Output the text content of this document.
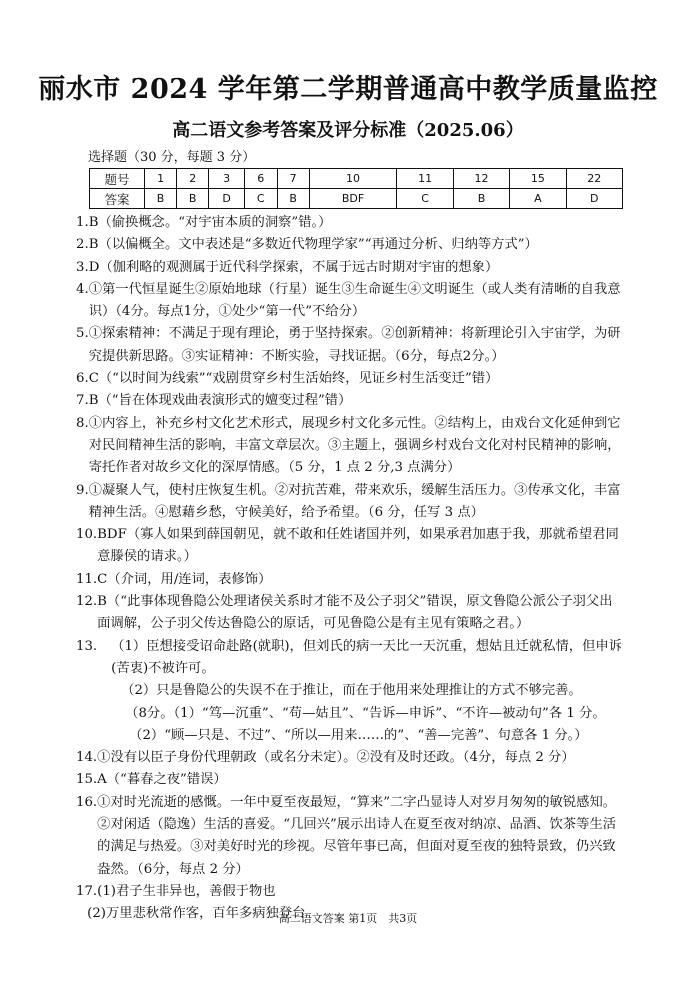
丽水市 2024 学年第二学期普通高中教学质量监控
高二语文参考答案及评分标准（2025.06）
选择题（30 分，每题 3 分）
题号	1	2	3	6	7	10	11	12	15	22
答案	B	B	D	C	B	BDF	C	B	A	D
1. B（偷换概念。“对宇宙本质的洞察”错。）
2. B（以偏概全。文中表述是“多数近代物理学家”“再通过分析、归纳等方式”）
3. D（伽利略的观测属于近代科学探索，不属于远古时期对宇宙的想象）
4. ①第一代恒星诞生②原始地球（行星）诞生③生命诞生④文明诞生（或人类有清晰的自我意识）（4分。每点1分，①处少“第一代”不给分）
5. ①探索精神：不满足于现有理论，勇于坚持探索。②创新精神：将新理论引入宇宙学，为研究提供新思路。③实证精神：不断实验，寻找证据。（6分，每点2分。）
6. C（“以时间为线索”“戏剧贯穿乡村生活始终，见证乡村生活变迁”错）
7. B（“旨在体现戏曲表演形式的嬗变过程”错）
8. ①内容上，补充乡村文化艺术形式，展现乡村文化多元性。②结构上，由戏台文化延伸到它对民间精神生活的影响，丰富文章层次。③主题上，强调乡村戏台文化对村民精神的影响，寄托作者对故乡文化的深厚情感。（5 分，1 点 2 分,3 点满分）
9. ①凝聚人气，使村庄恢复生机。②对抗苦难，带来欢乐，缓解生活压力。③传承文化，丰富精神生活。④慰藉乡愁，守候美好，给予希望。（6 分，任写 3 点）
10. BDF（寡人如果到薛国朝见，就不敢和任姓诸国并列，如果承君加惠于我，那就希望君同意滕侯的请求。）
11. C（介词，用/连词，表修饰）
12. B（“此事体现鲁隐公处理诸侯关系时才能不及公子羽父”错误，原文鲁隐公派公子羽父出面调解，公子羽父传达鲁隐公的原话，可见鲁隐公是有主见有策略之君。）
13.	（1）臣想接受诏命赴路(就职)，但刘氏的病一天比一天沉重，想姑且迁就私情，但申诉(苦衷)不被许可。
（2）只是鲁隐公的失误不在于推让，而在于他用来处理推让的方式不够完善。
（8分。（1）“笃—沉重”、“苟—姑且”、“告诉—申诉”、“不许—被动句”各 1 分。（2）“顾—只是、不过”、“所以—用来……的”、“善—完善”、句意各 1 分。）
14. ①没有以臣子身份代理朝政（或名分未定）。②没有及时还政。（4分，每点 2 分）
15. A（“暮春之夜”错误）
16. ①对时光流逝的感慨。一年中夏至夜最短，“算来”二字凸显诗人对岁月匆匆的敏锐感知。②对闲适（隐逸）生活的喜爱。“几回兴”展示出诗人在夏至夜对纳凉、品酒、饮茶等生活的满足与热爱。③对美好时光的珍视。尽管年事已高，但面对夏至夜的独特景致，仍兴致盎然。（6分，每点 2 分）
17. (1)君子生非异也，善假于物也
(2)万里悲秋常作客，百年多病独登台
高二语文答案 第1页　共3页
